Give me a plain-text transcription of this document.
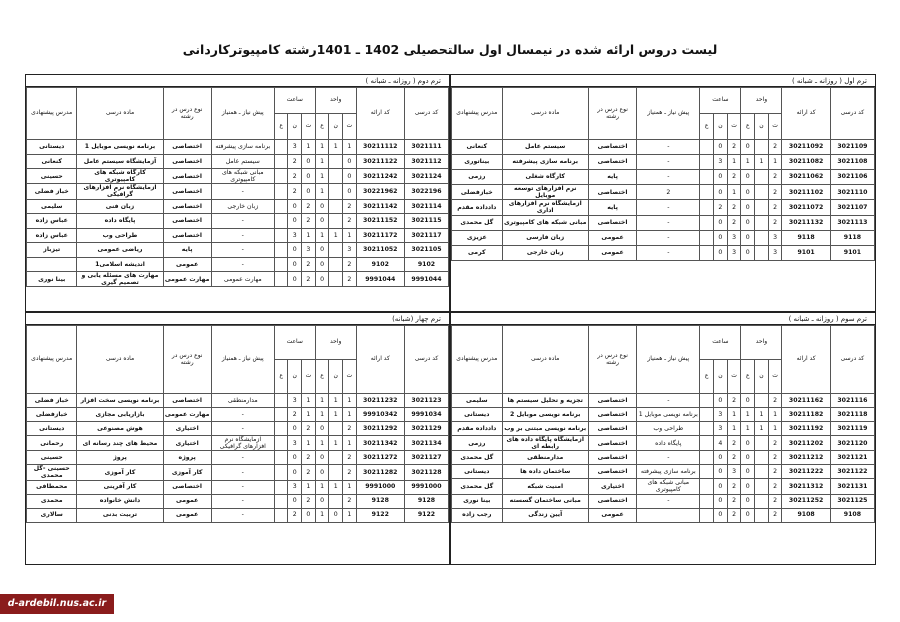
لیست دروس ارائه شده در نیمسال اول سالتحصیلی 1402 ـ 1401رشته کامپیوترکاردانی
ترم اول ( روزانه ـ شبانه )
کد درسی	کد ارائه	واحد			ساعت			پیش نیاز ـ همنیاز	نوع درس در رشته	ماده درسی	مدرس پیشنهادی
		ت	ن	ع	ت	ن	ع				
3021109	30211092	2		0	2	0		-	اختصاصی	سیستم عامل	کنعانی
3021108	30211082	1	1	1	1	3		-	اختصاصی	برنامه سازی پیشرفته	بیناتوری
3021106	30211062	2		0	2	0		-	پایه	کارگاه شغلی	رزمی
3021110	30211102	2		0	1	0		2	اختصاصی	نرم افزارهای توسعه موبایل	خبازفضلی
3021107	30211072	2		0	2	2		-	پایه	آزمایشگاه نرم افزارهای اداری	دادداده مقدم
3021113	30211132	2		0	2	0		-	اختصاصی	مبانی شبکه های کامپیوتری	گل محمدی
9118	9118	3		0	3	0		-	عمومی	زبان فارسی	عزیزی
9101	9101	3		0	3	0		-	عمومی	زبان خارجی	کرمی
ترم دوم ( روزانه ـ شبانه )
کد درسی	کد ارائه	واحد			ساعت			پیش نیاز ـ همنیاز	نوع درس در رشته	ماده درسی	مدرس پیشنهادی
		ت	ن	ع	ت	ن	ع				
3021111	30211112	1	1	1	1	3		برنامه سازی پیشرفته	اختصاصی	برنامه نویسی موبایل 1	دیستانی
3021112	30211122	0		1	0	2		سیستم عامل	اختصاصی	آزمایشگاه سیستم عامل	کنعانی
3021124	30211242	0		1	0	2		مبانی شبکه های کامپیوتری	اختصاصی	کارگاه شبکه های کامپیوتری	حسینی
3022196	30221962	0		1	0	2		-	اختصاصی	آزمایشگاه نرم افزارهای گرافیکی	خباز فضلی
3021114	30211142	2		0	2	0		زبان خارجی	اختصاصی	زبان فنی	سلیمی
3021115	30211152	2		0	2	0		-	اختصاصی	پایگاه داده	عباس زاده
3021117	30211172	1	1	1	1	3		-	اختصاصی	طراحی وب	عباس زاده
3021105	30211052	3		0	3	0		-	پایه	ریاضی عمومی	تیزباز
9102	9102	2		0	2	0		-	عمومی	اندیشه اسلامی1	
9991044	9991044	2		0	2	0		مهارت عمومی	مهارت عمومی	مهارت های مسئله یابی و تصمیم گیری	بینا نوری
ترم سوم ( روزانه ـ شبانه )
کد درسی	کد ارائه	واحد			ساعت			پیش نیاز ـ همنیاز	نوع درس در رشته	ماده درسی	مدرس پیشنهادی
		ت	ن	ع	ت	ن	ع				
3021116	30211162	2		0	2	0		-	اختصاصی	تجزیه و تحلیل سیستم ها	سلیمی
3021118	30211182	1	1	1	1	3		برنامه نویسی موبایل 1	اختصاصی	برنامه نویسی موبایل 2	دیستانی
3021119	30211192	1	1	1	1	3		طراحی وب	اختصاصی	برنامه نویسی مبتنی بر وب	دادداده مقدم
3021120	30211202	2		0	2	4		پایگاه داده	اختصاصی	آزمایشگاه پایگاه داده های رابطه ای	رزمی
3021121	30211212	2		0	2	0		-	اختصاصی	مدارمنطقی	گل محمدی
3021122	30211222	2		0	3	0		برنامه سازی پیشرفته	اختصاصی	ساختمان داده ها	دیستانی
3021131	30211312	2		0	2	0		مبانی شبکه های کامپیوتری	اختیاری	امنیت شبکه	گل محمدی
3021125	30211252	2		0	2	0		-	اختصاصی	مبانی ساختمان گسسته	بینا نوری
9108	9108	2		0	2	0			عمومی	آیین زندگی	رجب زاده
ترم چهار (شبانه)
کد درسی	کد ارائه	واحد			ساعت			پیش نیاز ـ همنیاز	نوع درس در رشته	ماده درسی	مدرس پیشنهادی
		ت	ن	ع	ت	ن	ع				
3021123	30211232	1	1	1	1	3		مدارمنطقی	اختصاصی	برنامه نویسی سخت افزار	خباز فضلی
9991034	99910342	1	1	1	1	2		-	مهارت عمومی	بازاریابی مجازی	خبازفضلی
3021129	30211292	2		0	2	0		-	اختیاری	هوش مصنوعی	دیستانی
3021134	30211342	1	1	1	1	3		آزمایشگاه نرم افزارهای گرافیکی	اختیاری	محیط های چند رسانه ای	رحمانی
3021127	30211272	2		0	2	0		-	پروژه	پروژ	حسینی
3021128	30211282	2		0	2	0		-	کار آموزی	کار آموزی	حسینی -گل محمدی
9991000	9991000	1	1	1	1	3		-	اختصاصی	کار آفرینی	محمطافی
9128	9128	2		0	2	0		-	عمومی	دانش خانواده	محمدی
9122	9122	1	0	1	0	2		-	عمومی	تربیت بدنی	سالاری
d-ardebil.nus.ac.ir
